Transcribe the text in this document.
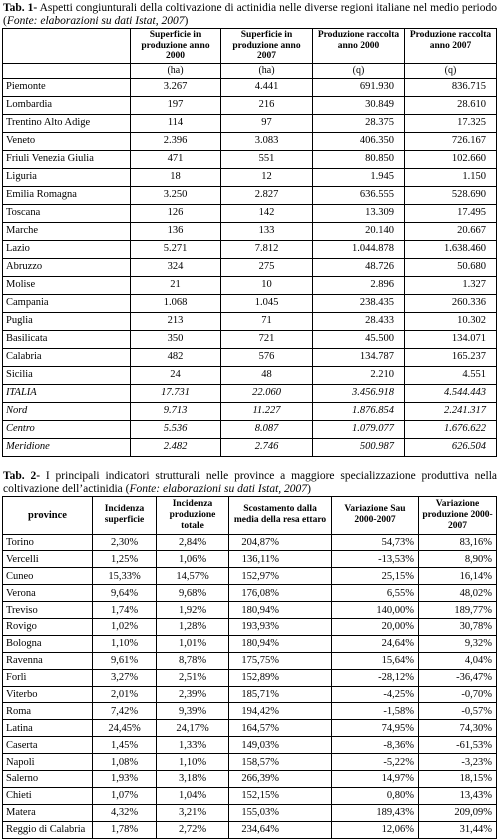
Tab. 1- Aspetti congiunturali della coltivazione di actinidia nelle diverse regioni italiane nel medio periodo (Fonte: elaborazioni su dati Istat, 2007)
	Superficie in produzione anno 2000	Superficie in produzione anno 2007	Produzione raccolta anno 2000	Produzione raccolta anno 2007
	(ha)	(ha)	(q)	(q)
Piemonte	3.267	4.441	691.930	836.715
Lombardia	197	216	30.849	28.610
Trentino Alto Adige	114	97	28.375	17.325
Veneto	2.396	3.083	406.350	726.167
Friuli Venezia Giulia	471	551	80.850	102.660
Liguria	18	12	1.945	1.150
Emilia Romagna	3.250	2.827	636.555	528.690
Toscana	126	142	13.309	17.495
Marche	136	133	20.140	20.667
Lazio	5.271	7.812	1.044.878	1.638.460
Abruzzo	324	275	48.726	50.680
Molise	21	10	2.896	1.327
Campania	1.068	1.045	238.435	260.336
Puglia	213	71	28.433	10.302
Basilicata	350	721	45.500	134.071
Calabria	482	576	134.787	165.237
Sicilia	24	48	2.210	4.551
ITALIA	17.731	22.060	3.456.918	4.544.443
Nord	9.713	11.227	1.876.854	2.241.317
Centro	5.536	8.087	1.079.077	1.676.622
Meridione	2.482	2.746	500.987	626.504
Tab. 2- I principali indicatori strutturali nelle province a maggiore specializzazione produttiva nella coltivazione dell’actinidia (Fonte: elaborazioni su dati Istat, 2007)
province	Incidenza superficie	Incidenza produzione totale	Scostamento dalla media della resa ettaro	Variazione Sau 2000-2007	Variazione produzione 2000-2007
Torino	2,30%	2,84%	204,87%	54,73%	83,16%
Vercelli	1,25%	1,06%	136,11%	-13,53%	8,90%
Cuneo	15,33%	14,57%	152,97%	25,15%	16,14%
Verona	9,64%	9,68%	176,08%	6,55%	48,02%
Treviso	1,74%	1,92%	180,94%	140,00%	189,77%
Rovigo	1,02%	1,28%	193,93%	20,00%	30,78%
Bologna	1,10%	1,01%	180,94%	24,64%	9,32%
Ravenna	9,61%	8,78%	175,75%	15,64%	4,04%
Forlì	3,27%	2,51%	152,89%	-28,12%	-36,47%
Viterbo	2,01%	2,39%	185,71%	-4,25%	-0,70%
Roma	7,42%	9,39%	194,42%	-1,58%	-0,57%
Latina	24,45%	24,17%	164,57%	74,95%	74,30%
Caserta	1,45%	1,33%	149,03%	-8,36%	-61,53%
Napoli	1,08%	1,10%	158,57%	-5,22%	-3,23%
Salerno	1,93%	3,18%	266,39%	14,97%	18,15%
Chieti	1,07%	1,04%	152,15%	0,80%	13,43%
Matera	4,32%	3,21%	155,03%	189,43%	209,09%
Reggio di Calabria	1,78%	2,72%	234,64%	12,06%	31,44%
